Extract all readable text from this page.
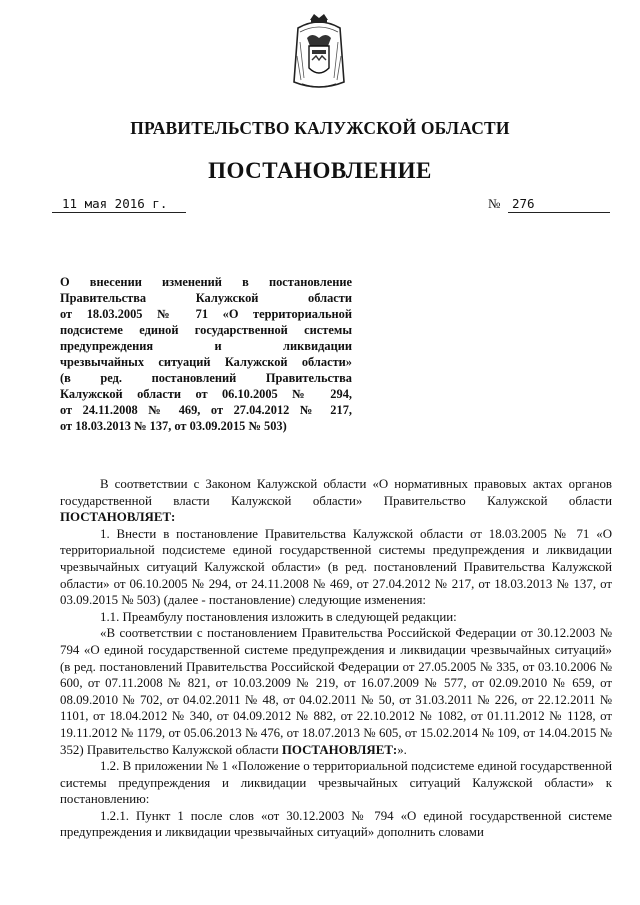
ПРАВИТЕЛЬСТВО КАЛУЖСКОЙ ОБЛАСТИ
ПОСТАНОВЛЕНИЕ
11 мая 2016 г.	№ 276
О внесении изменений в постановление
Правительства Калужской области
от 18.03.2005 № 71 «О территориальной
подсистеме единой государственной системы
предупреждения и ликвидации
чрезвычайных ситуаций Калужской области»
(в ред. постановлений Правительства
Калужской области от 06.10.2005 № 294,
от 24.11.2008 № 469, от 27.04.2012 № 217,
от 18.03.2013 № 137, от 03.09.2015 № 503)

В соответствии с Законом Калужской области «О нормативных правовых актах органов государственной власти Калужской области» Правительство Калужской области ПОСТАНОВЛЯЕТ:

1. Внести в постановление Правительства Калужской области от 18.03.2005 № 71 «О территориальной подсистеме единой государственной системы предупреждения и ликвидации чрезвычайных ситуаций Калужской области» (в ред. постановлений Правительства Калужской области» от 06.10.2005 № 294, от 24.11.2008 № 469, от 27.04.2012 № 217, от 18.03.2013 № 137, от 03.09.2015 № 503) (далее - постановление) следующие изменения:

1.1. Преамбулу постановления изложить в следующей редакции:

«В соответствии с постановлением Правительства Российской Федерации от 30.12.2003 № 794 «О единой государственной системе предупреждения и ликвидации чрезвычайных ситуаций» (в ред. постановлений Правительства Российской Федерации от 27.05.2005 № 335, от 03.10.2006 № 600, от 07.11.2008 № 821, от 10.03.2009 № 219, от 16.07.2009 № 577, от 02.09.2010 № 659, от 08.09.2010 № 702, от 04.02.2011 № 48, от 04.02.2011 № 50, от 31.03.2011 № 226, от 22.12.2011 № 1101, от 18.04.2012 № 340, от 04.09.2012 № 882, от 22.10.2012 № 1082, от 01.11.2012 № 1128, от 19.11.2012 № 1179, от 05.06.2013 № 476, от 18.07.2013 № 605, от 15.02.2014 № 109, от 14.04.2015 № 352) Правительство Калужской области ПОСТАНОВЛЯЕТ:».

1.2. В приложении № 1 «Положение о территориальной подсистеме единой государственной системы предупреждения и ликвидации чрезвычайных ситуаций Калужской области» к постановлению:

1.2.1. Пункт 1 после слов «от 30.12.2003 № 794 «О единой государственной системе предупреждения и ликвидации чрезвычайных ситуаций» дополнить словами
